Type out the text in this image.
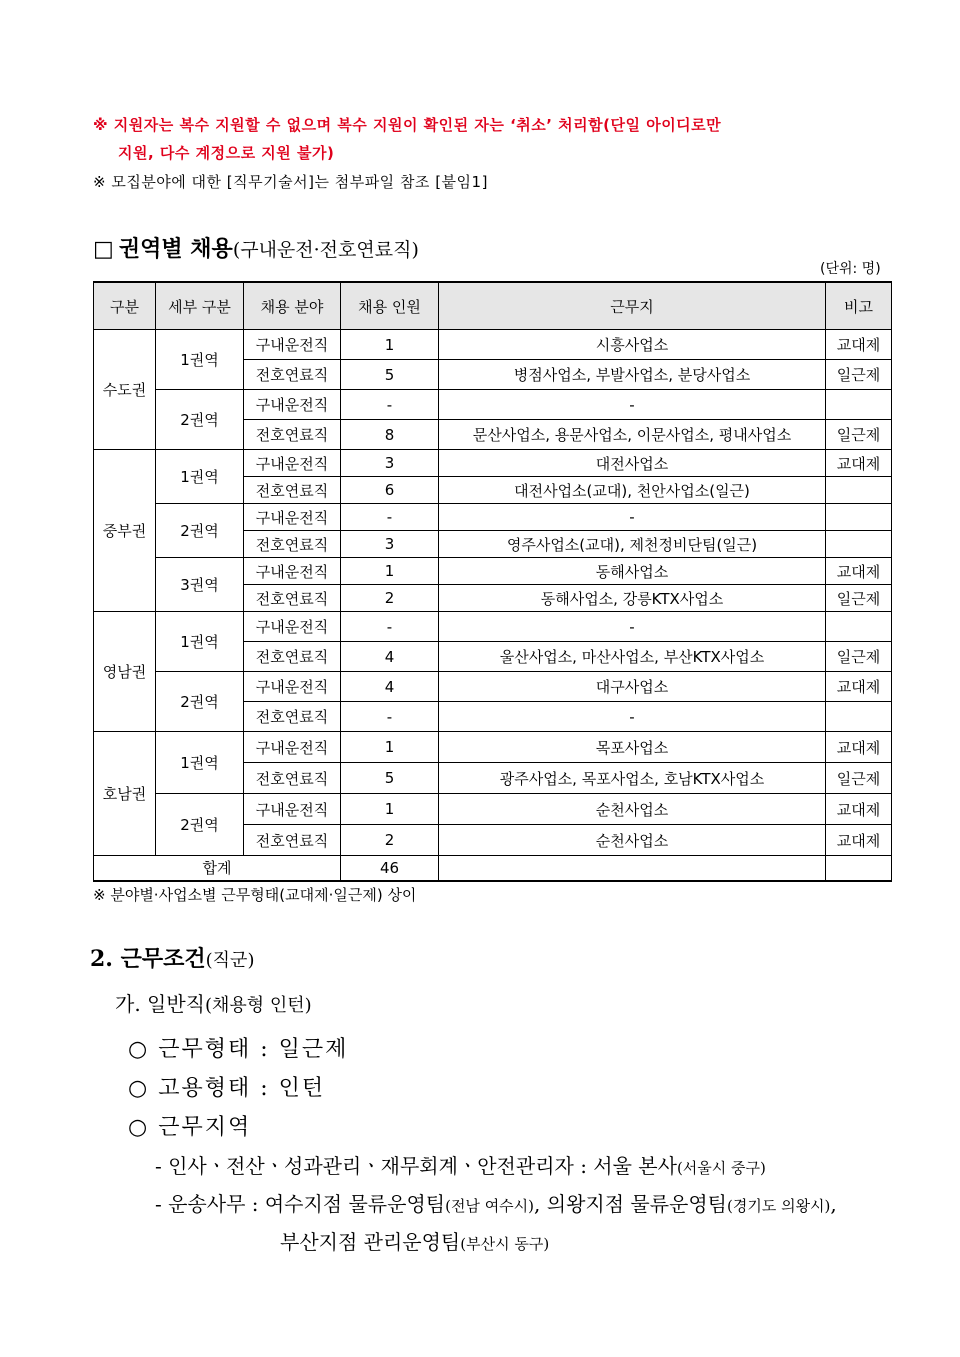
※ 지원자는 복수 지원할 수 없으며 복수 지원이 확인된 자는 ‘취소’ 처리함(단일 아이디로만
지원, 다수 계정으로 지원 불가)
※ 모집분야에 대한 [직무기술서]는 첨부파일 참조 [붙임1]
□ 권역별 채용(구내운전·전호연료직)
(단위: 명)
구분	세부 구분	채용 분야	채용 인원	근무지	비고
수도권	1권역	구내운전직	1	시흥사업소	교대제
		전호연료직	5	병점사업소, 부발사업소, 분당사업소	일근제
	2권역	구내운전직	-	-	
		전호연료직	8	문산사업소, 용문사업소, 이문사업소, 평내사업소	일근제
중부권	1권역	구내운전직	3	대전사업소	교대제
		전호연료직	6	대전사업소(교대), 천안사업소(일근)	
	2권역	구내운전직	-	-	
		전호연료직	3	영주사업소(교대), 제천정비단팀(일근)	
	3권역	구내운전직	1	동해사업소	교대제
		전호연료직	2	동해사업소, 강릉KTX사업소	일근제
영남권	1권역	구내운전직	-	-	
		전호연료직	4	울산사업소, 마산사업소, 부산KTX사업소	일근제
	2권역	구내운전직	4	대구사업소	교대제
		전호연료직	-	-	
호남권	1권역	구내운전직	1	목포사업소	교대제
		전호연료직	5	광주사업소, 목포사업소, 호남KTX사업소	일근제
	2권역	구내운전직	1	순천사업소	교대제
		전호연료직	2	순천사업소	교대제
합계			46		
※ 분야별·사업소별 근무형태(교대제·일근제) 상이
2. 근무조건(직군)
가. 일반직(채용형 인턴)
○ 근무형태 : 일근제
○ 고용형태 : 인턴
○ 근무지역
- 인사ㆍ전산ㆍ성과관리ㆍ재무회계ㆍ안전관리자 : 서울 본사(서울시 중구)
- 운송사무 : 여수지점 물류운영팀(전남 여수시), 의왕지점 물류운영팀(경기도 의왕시),
부산지점 관리운영팀(부산시 동구)
